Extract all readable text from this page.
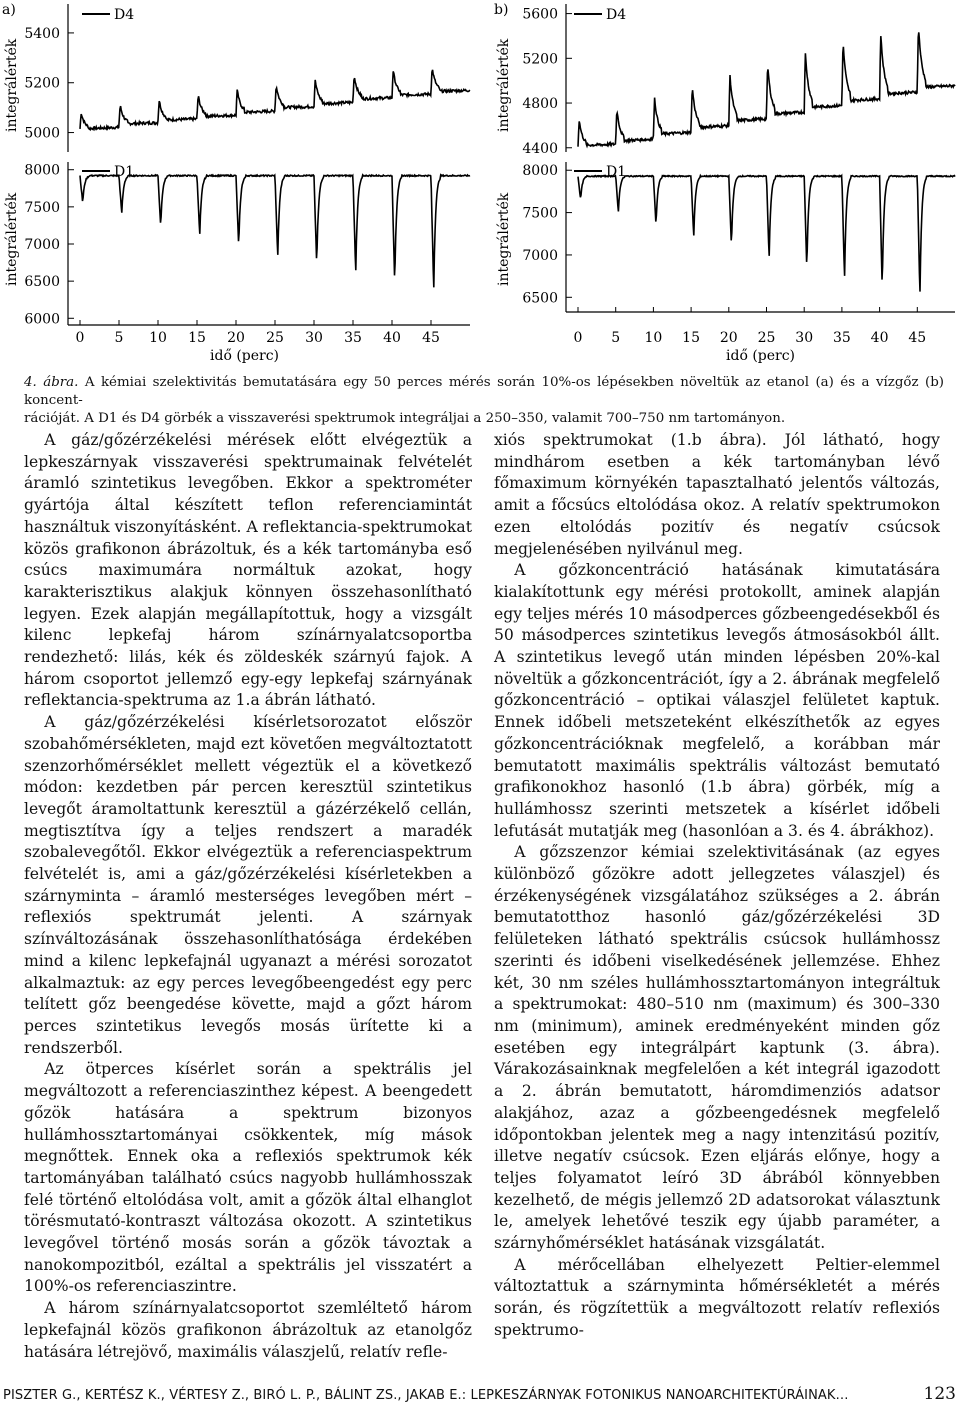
a)
integrálérték
integrálérték
5000
5200
5400
6000
6500
7000
7500
8000
D4
D1
0 5 10 15 20 25 30 35 40 45
idő (perc)
b)
integrálérték
integrálérték
4400
4800
5200
5600
6500
7000
7500
8000
D4
D1
0 5 10 15 20 25 30 35 40 45
idő (perc)
4. ábra. A kémiai szelektivitás bemutatására egy 50 perces mérés során 10%-os lépésekben növeltük az etanol (a) és a vízgőz (b) koncent-
rációját. A D1 és D4 görbék a visszaverési spektrumok integráljai a 250–350, valamit 700–750 nm tartományon.

A gáz/gőzérzékelési mérések előtt elvégeztük a lepkeszárnyak visszaverési spektrumainak felvételét áramló szintetikus levegőben. Ekkor a spektrométer gyártója által készített teflon referenciamintát használtuk viszonyításként. A reflektancia-spektrumokat közös grafikonon ábrázoltuk, és a kék tartományba eső csúcs maximumára normáltuk azokat, hogy karakterisztikus alakjuk könnyen összehasonlítható legyen. Ezek alapján megállapítottuk, hogy a vizsgált kilenc lepkefaj három színárnyalatcsoportba rendezhető: lilás, kék és zöldeskék szárnyú fajok. A három csoportot jellemző egy-egy lepkefaj szárnyának reflektancia-spektruma az 1.a ábrán látható.

A gáz/gőzérzékelési kísérletsorozatot először szobahőmérsékleten, majd ezt követően megváltoztatott szenzorhőmérséklet mellett végeztük el a következő módon: kezdetben pár percen keresztül szintetikus levegőt áramoltattunk keresztül a gázérzékelő cellán, megtisztítva így a teljes rendszert a maradék szobalevegőtől. Ekkor elvégeztük a referenciaspektrum felvételét is, ami a gáz/gőzérzékelési kísérletekben a szárnyminta – áramló mesterséges levegőben mért – reflexiós spektrumát jelenti. A szárnyak színváltozásának összehasonlíthatósága érdekében mind a kilenc lepkefajnál ugyanazt a mérési sorozatot alkalmaztuk: az egy perces levegőbeengedést egy perc telített gőz beengedése követte, majd a gőzt három perces szintetikus levegős mosás ürítette ki a rendszerből.

Az ötperces kísérlet során a spektrális jel megváltozott a referenciaszinthez képest. A beengedett gőzök hatására a spektrum bizonyos hullámhossztartományai csökkentek, míg mások megnőttek. Ennek oka a reflexiós spektrumok kék tartományában található csúcs nagyobb hullámhosszak felé történő eltolódása volt, amit a gőzök által elhanglot törésmutató-kontraszt változása okozott. A szintetikus levegővel történő mosás során a gőzök távoztak a nanokompozitból, ezáltal a spektrális jel visszatért a 100%-os referenciaszintre.

A három színárnyalatcsoportot szemléltető három lepkefajnál közös grafikonon ábrázoltuk az etanolgőz hatására létrejövő, maximális válaszjelű, relatív refle-

xiós spektrumokat (1.b ábra). Jól látható, hogy mindhárom esetben a kék tartományban lévő főmaximum környékén tapasztalható jelentős változás, amit a főcsúcs eltolódása okoz. A relatív spektrumokon ezen eltolódás pozitív és negatív csúcsok megjelenésében nyilvánul meg.

A gőzkoncentráció hatásának kimutatására kialakítottunk egy mérési protokollt, aminek alapján egy teljes mérés 10 másodperces gőzbeengedésekből és 50 másodperces szintetikus levegős átmosásokból állt. A szintetikus levegő után minden lépésben 20%-kal növeltük a gőzkoncentrációt, így a 2. ábrának megfelelő gőzkoncentráció – optikai válaszjel felületet kaptuk. Ennek időbeli metszeteként elkészíthetők az egyes gőzkoncentrációknak megfelelő, a korábban már bemutatott maximális spektrális változást bemutató grafikonokhoz hasonló (1.b ábra) görbék, míg a hullámhossz szerinti metszetek a kísérlet időbeli lefutását mutatják meg (hasonlóan a 3. és 4. ábrákhoz).

A gőzszenzor kémiai szelektivitásának (az egyes különböző gőzökre adott jellegzetes válaszjel) és érzékenységének vizsgálatához szükséges a 2. ábrán bemutatotthoz hasonló gáz/gőzérzékelési 3D felületeken látható spektrális csúcsok hullámhossz szerinti és időbeni viselkedésének jellemzése. Ehhez két, 30 nm széles hullámhossztartományon integráltuk a spektrumokat: 480–510 nm (maximum) és 300–330 nm (minimum), aminek eredményeként minden gőz esetében egy integrálpárt kaptunk (3. ábra). Várakozásainknak megfelelően a két integrál igazodott a 2. ábrán bemutatott, háromdimenziós adatsor alakjához, azaz a gőzbeengedésnek megfelelő időpontokban jelentek meg a nagy intenzitású pozitív, illetve negatív csúcsok. Ezen eljárás előnye, hogy a teljes folyamatot leíró 3D ábrából könnyebben kezelhető, de mégis jellemző 2D adatsorokat választunk le, amelyek lehetővé teszik egy újabb paraméter, a szárnyhőmérséklet hatásának vizsgálatát.

A mérőcellában elhelyezett Peltier-elemmel változtattuk a szárnyminta hőmérsékletét a mérés során, és rögzítettük a megváltozott relatív reflexiós spektrumo-

PISZTER G., KERTÉSZ K., VÉRTESY Z., BIRÓ L. P., BÁLINT ZS., JAKAB E.: LEPKESZÁRNYAK FOTONIKUS NANOARCHITEKTÚRÁINAK…	123
